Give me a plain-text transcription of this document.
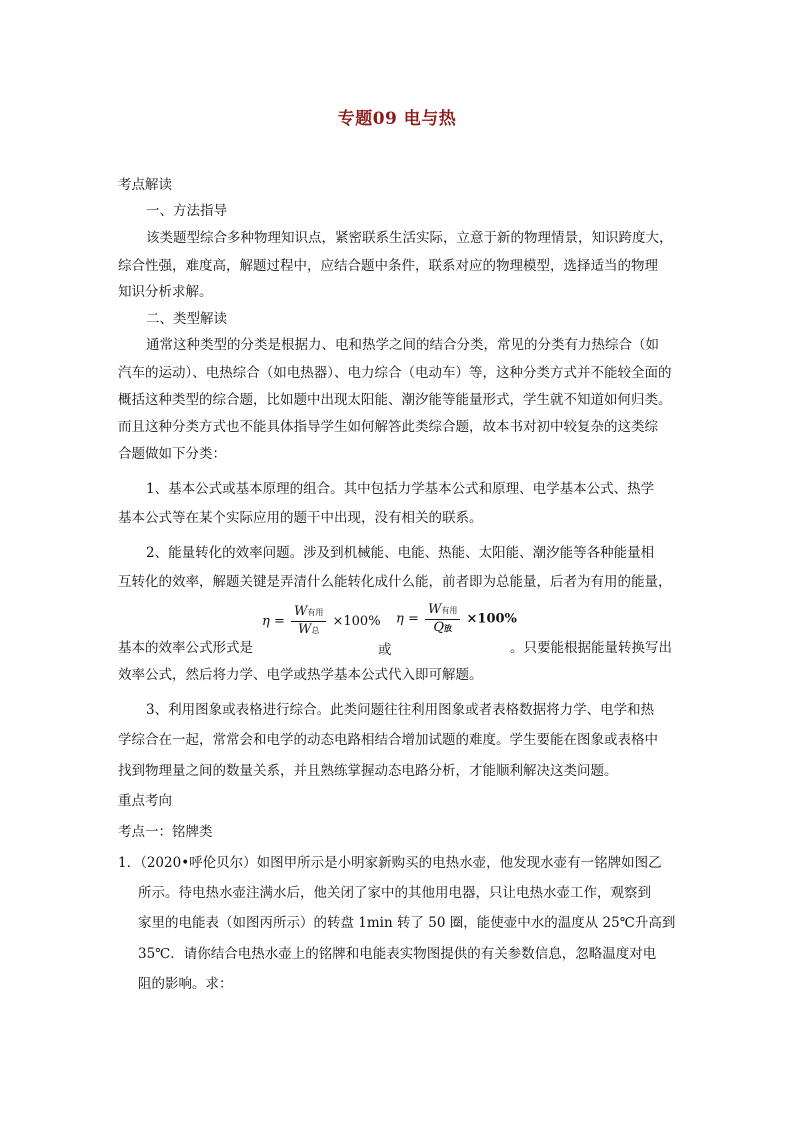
专题09 电与热
考点解读
一、方法指导
该类题型综合多种物理知识点，紧密联系生活实际，立意于新的物理情景，知识跨度大，
综合性强，难度高，解题过程中，应结合题中条件，联系对应的物理模型，选择适当的物理
知识分析求解。
二、类型解读
通常这种类型的分类是根据力、电和热学之间的结合分类，常见的分类有力热综合（如
汽车的运动）、电热综合（如电热器）、电力综合（电动车）等，这种分类方式并不能较全面的
概括这种类型的综合题，比如题中出现太阳能、潮汐能等能量形式，学生就不知道如何归类。
而且这种分类方式也不能具体指导学生如何解答此类综合题，故本书对初中较复杂的这类综
合题做如下分类：
1、基本公式或基本原理的组合。其中包括力学基本公式和原理、电学基本公式、热学
基本公式等在某个实际应用的题干中出现，没有相关的联系。
2、能量转化的效率问题。涉及到机械能、电能、热能、太阳能、潮汐能等各种能量相
互转化的效率，解题关键是弄清什么能转化成什么能，前者即为总能量，后者为有用的能量，
基本的效率公式形式是
$\eta = \frac{\text{W有用}}{\text{W总}} \times 100\%$
或
$\eta = \frac{\text{W有用}}{\text{Q放}} \times 100\%$
。只要能根据能量转换写出
效率公式，然后将力学、电学或热学基本公式代入即可解题。
3、利用图象或表格进行综合。此类问题往往利用图象或者表格数据将力学、电学和热
学综合在一起，常常会和电学的动态电路相结合增加试题的难度。学生要能在图象或表格中
找到物理量之间的数量关系，并且熟练掌握动态电路分析，才能顺利解决这类问题。
重点考向
考点一：铭牌类
1．（2020•呼伦贝尔）如图甲所示是小明家新购买的电热水壶，他发现水壶有一铭牌如图乙
所示。待电热水壶注满水后，他关闭了家中的其他用电器，只让电热水壶工作，观察到
家里的电能表（如图丙所示）的转盘 1min 转了 50 圈，能使壶中水的温度从 25℃升高到
35℃．请你结合电热水壶上的铭牌和电能表实物图提供的有关参数信息，忽略温度对电
阻的影响。求：
